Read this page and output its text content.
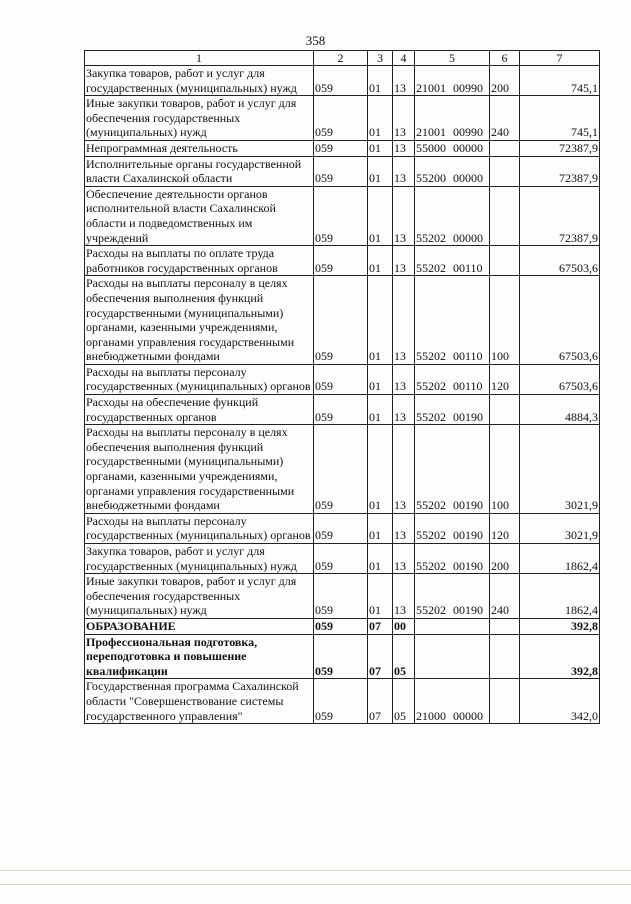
358
1	2	3	4	5	6	7
Закупка товаров, работ и услуг для государственных (муниципальных) нужд	059	01	13	21001 00990	200	745,1
Иные закупки товаров, работ и услуг для обеспечения государственных (муниципальных) нужд	059	01	13	21001 00990	240	745,1
Непрограммная деятельность	059	01	13	55000 00000		72387,9
Исполнительные органы государственной власти Сахалинской области	059	01	13	55200 00000		72387,9
Обеспечение деятельности органов исполнительной власти Сахалинской области и подведомственных им учреждений	059	01	13	55202 00000		72387,9
Расходы на выплаты по оплате труда работников государственных органов	059	01	13	55202 00110		67503,6
Расходы на выплаты персоналу в целях обеспечения выполнения функций государственными (муниципальными) органами, казенными учреждениями, органами управления государственными внебюджетными фондами	059	01	13	55202 00110	100	67503,6
Расходы на выплаты персоналу государственных (муниципальных) органов	059	01	13	55202 00110	120	67503,6
Расходы на обеспечение функций государственных органов	059	01	13	55202 00190		4884,3
Расходы на выплаты персоналу в целях обеспечения выполнения функций государственными (муниципальными) органами, казенными учреждениями, органами управления государственными внебюджетными фондами	059	01	13	55202 00190	100	3021,9
Расходы на выплаты персоналу государственных (муниципальных) органов	059	01	13	55202 00190	120	3021,9
Закупка товаров, работ и услуг для государственных (муниципальных) нужд	059	01	13	55202 00190	200	1862,4
Иные закупки товаров, работ и услуг для обеспечения государственных (муниципальных) нужд	059	01	13	55202 00190	240	1862,4
ОБРАЗОВАНИЕ	059	07	00			392,8
Профессиональная подготовка, переподготовка и повышение квалификации	059	07	05			392,8
Государственная программа Сахалинской области "Совершенствование системы государственного управления"	059	07	05	21000 00000		342,0
